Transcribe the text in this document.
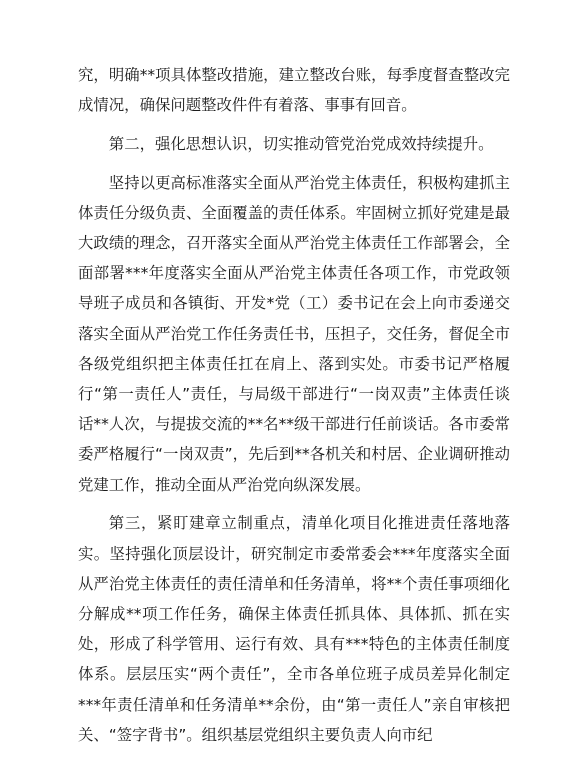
究，明确**项具体整改措施，建立整改台账，每季度督查整改完成情况，确保问题整改件件有着落、事事有回音。

第二，强化思想认识，切实推动管党治党成效持续提升。

坚持以更高标准落实全面从严治党主体责任，积极构建抓主体责任分级负责、全面覆盖的责任体系。牢固树立抓好党建是最大政绩的理念，召开落实全面从严治党主体责任工作部署会，全面部署***年度落实全面从严治党主体责任各项工作，市党政领导班子成员和各镇街、开发*党（工）委书记在会上向市委递交落实全面从严治党工作任务责任书，压担子，交任务，督促全市各级党组织把主体责任扛在肩上、落到实处。市委书记严格履行“第一责任人”责任，与局级干部进行“一岗双责”主体责任谈话**人次，与提拔交流的**名**级干部进行任前谈话。各市委常委严格履行“一岗双责”，先后到**各机关和村居、企业调研推动党建工作，推动全面从严治党向纵深发展。

第三，紧盯建章立制重点，清单化项目化推进责任落地落实。坚持强化顶层设计，研究制定市委常委会***年度落实全面从严治党主体责任的责任清单和任务清单，将**个责任事项细化分解成**项工作任务，确保主体责任抓具体、具体抓、抓在实处，形成了科学管用、运行有效、具有***特色的主体责任制度体系。层层压实“两个责任”，全市各单位班子成员差异化制定***年责任清单和任务清单**余份，由“第一责任人”亲自审核把关、“签字背书”。组织基层党组织主要负责人向市纪
